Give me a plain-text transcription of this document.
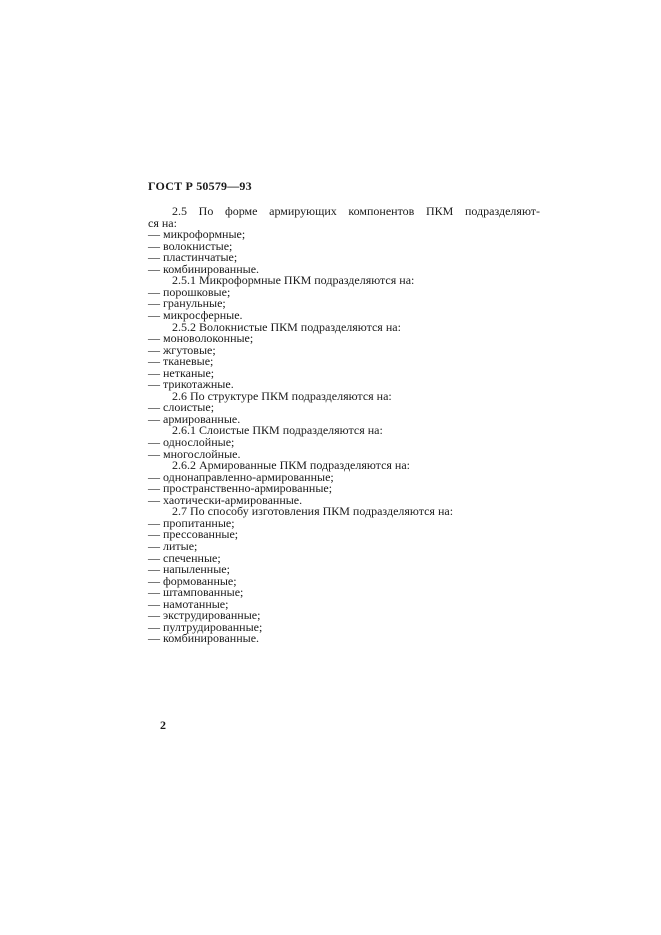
ГОСТ Р 50579—93
2.5 По форме армирующих компонентов ПКМ подразделяют-
ся на:
— микроформные;
— волокнистые;
— пластинчатые;
— комбинированные.
2.5.1 Микроформные ПКМ подразделяются на:
— порошковые;
— гранульные;
— микросферные.
2.5.2 Волокнистые ПКМ подразделяются на:
— моноволоконные;
— жгутовые;
— тканевые;
— нетканые;
— трикотажные.
2.6 По структуре ПКМ подразделяются на:
— слоистые;
— армированные.
2.6.1 Слоистые ПКМ подразделяются на:
— однослойные;
— многослойные.
2.6.2 Армированные ПКМ подразделяются на:
— однонаправленно-армированные;
— пространственно-армированные;
— хаотически-армированные.
2.7 По способу изготовления ПКМ подразделяются на:
— пропитанные;
— прессованные;
— литые;
— спеченные;
— напыленные;
— формованные;
— штампованные;
— намотанные;
— экструдированные;
— пултрудированные;
— комбинированные.
2
